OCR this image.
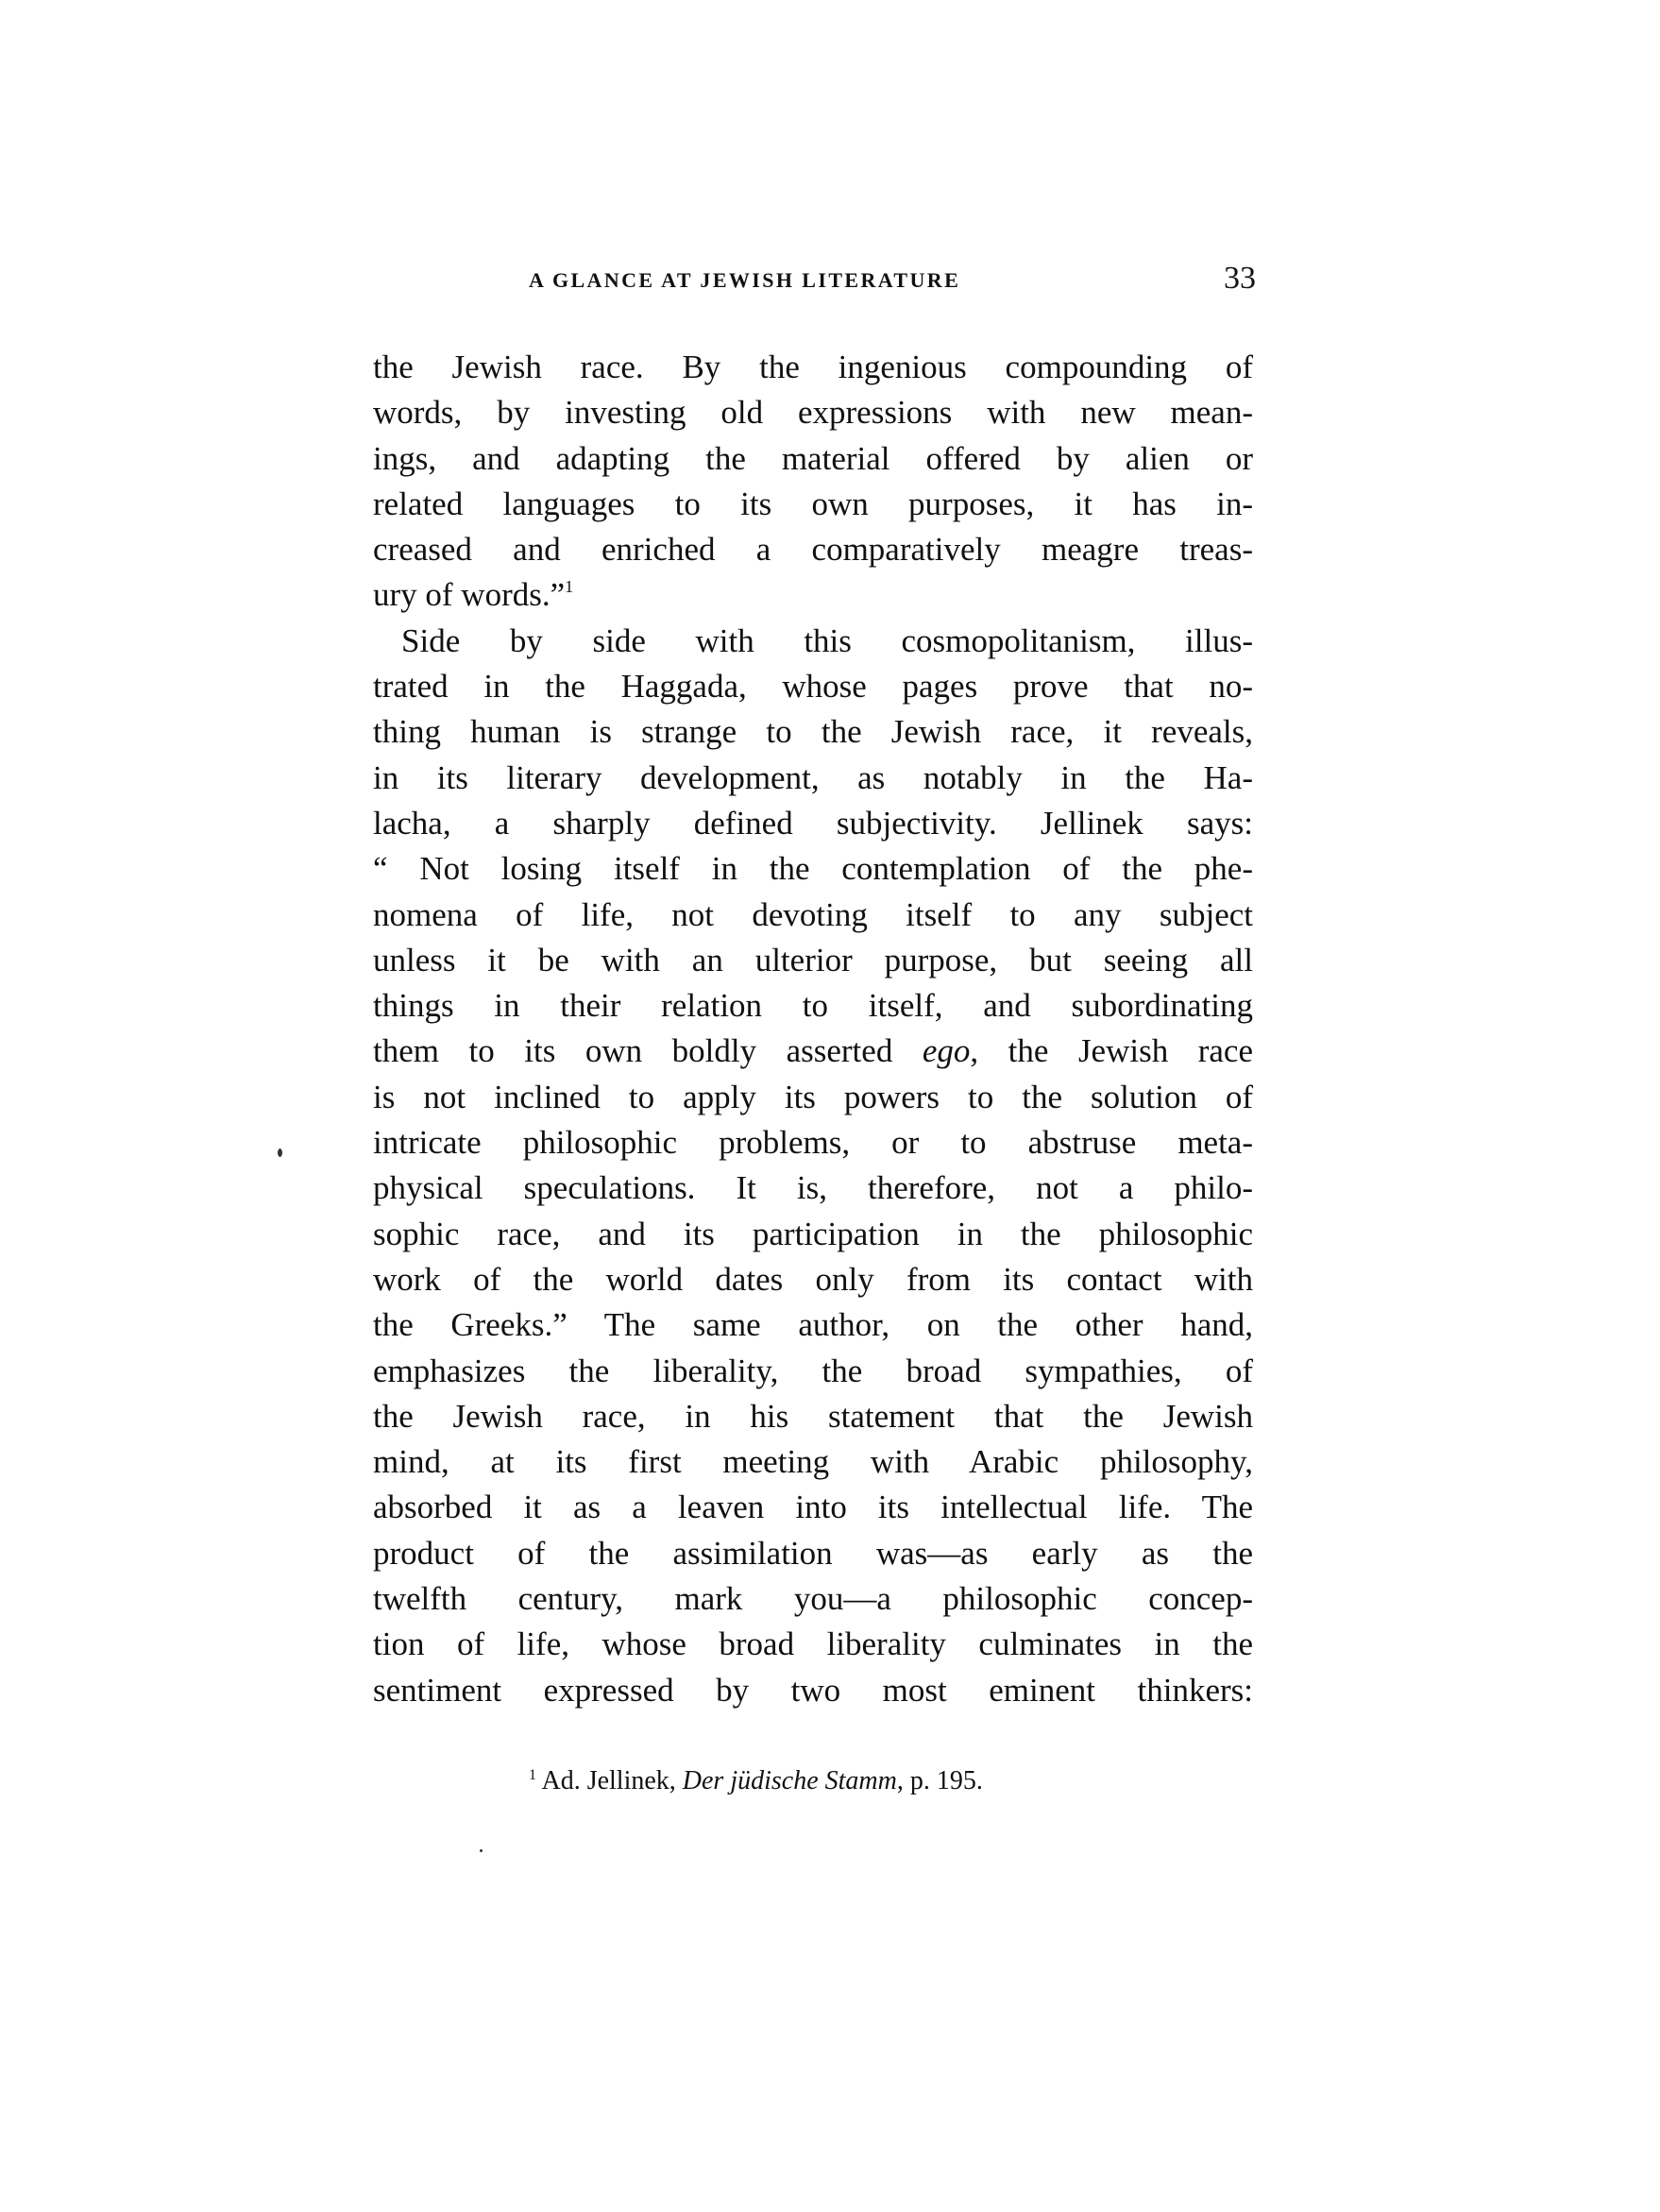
A GLANCE AT JEWISH LITERATURE	33
the Jewish race. By the ingenious compounding of
words, by investing old expressions with new mean-
ings, and adapting the material offered by alien or
related languages to its own purposes, it has in-
creased and enriched a comparatively meagre treas-
ury of words.”$^1$
Side by side with this cosmopolitanism, illus-
trated in the Haggada, whose pages prove that no-
thing human is strange to the Jewish race, it reveals,
in its literary development, as notably in the Ha-
lacha, a sharply defined subjectivity. Jellinek says:
“ Not losing itself in the contemplation of the phe-
nomena of life, not devoting itself to any subject
unless it be with an ulterior purpose, but seeing all
things in their relation to itself, and subordinating
them to its own boldly asserted ego, the Jewish race
is not inclined to apply its powers to the solution of
intricate philosophic problems, or to abstruse meta-
physical speculations. It is, therefore, not a philo-
sophic race, and its participation in the philosophic
work of the world dates only from its contact with
the Greeks.” The same author, on the other hand,
emphasizes the liberality, the broad sympathies, of
the Jewish race, in his statement that the Jewish
mind, at its first meeting with Arabic philosophy,
absorbed it as a leaven into its intellectual life. The
product of the assimilation was—as early as the
twelfth century, mark you—a philosophic concep-
tion of life, whose broad liberality culminates in the
sentiment expressed by two most eminent thinkers:
$^1$ Ad. Jellinek, Der jüdische Stamm, p. 195.
